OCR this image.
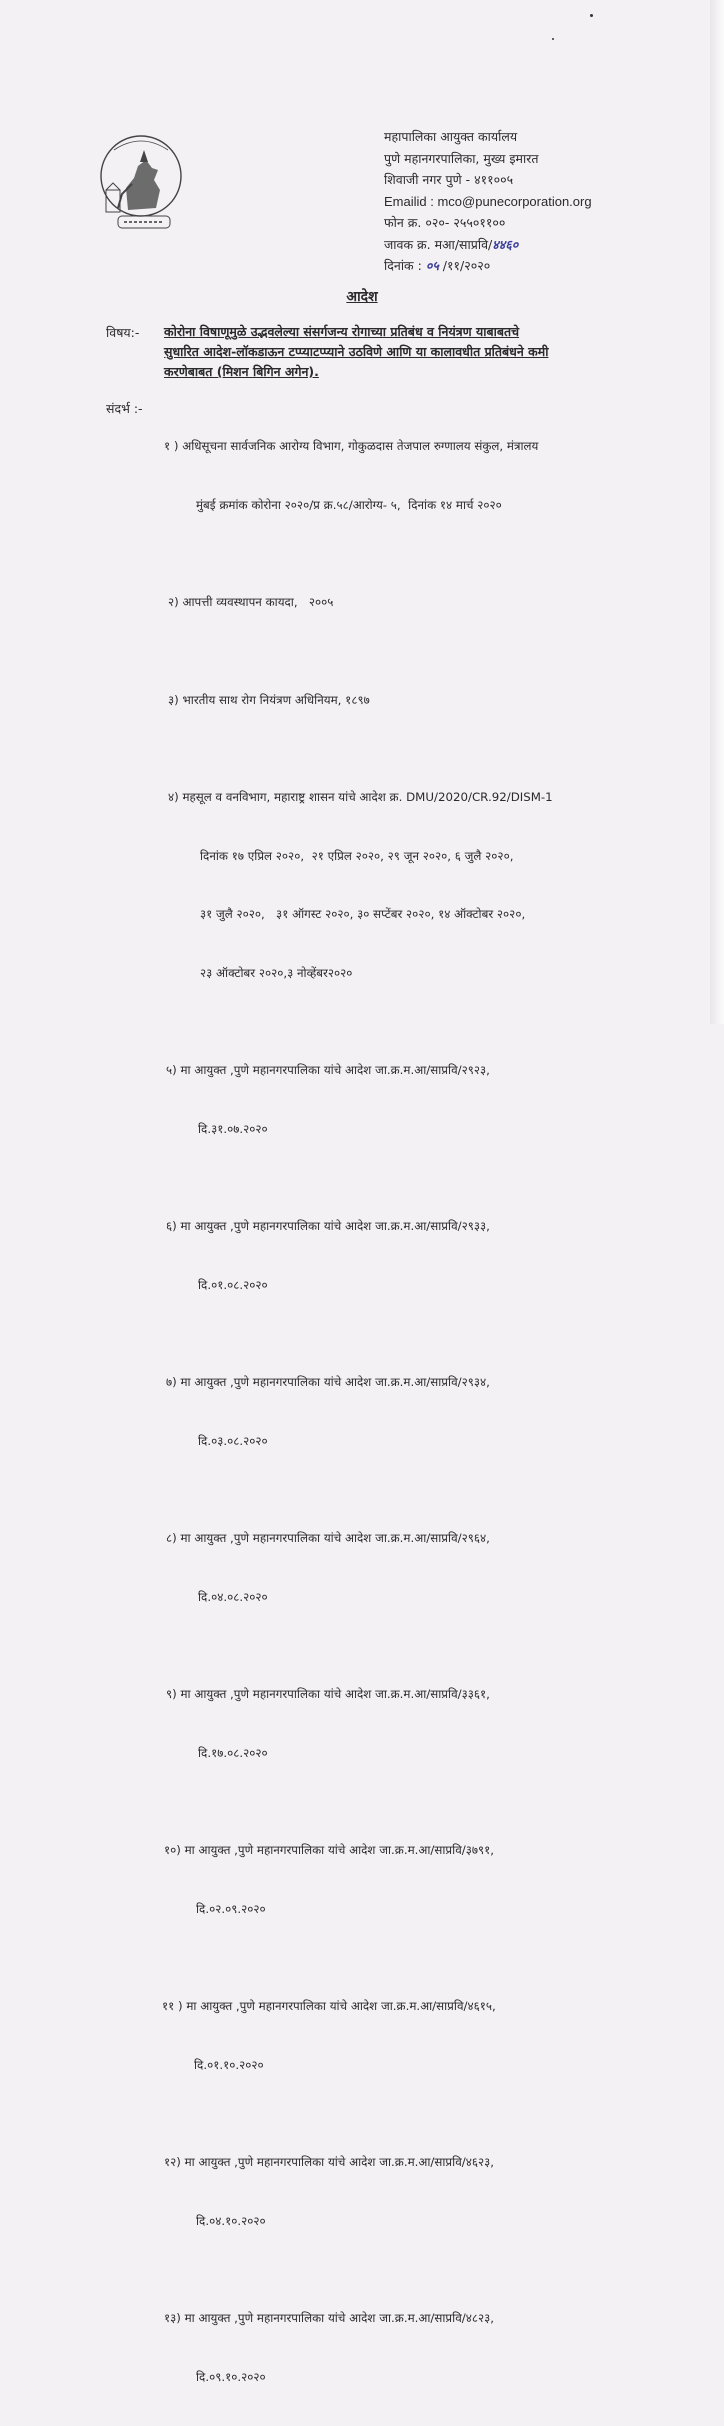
महापालिका आयुक्त कार्यालय
पुणे महानगरपालिका, मुख्य इमारत
शिवाजी नगर पुणे - ४११००५
Emailid : mco@punecorporation.org
फोन क्र. ०२०- २५५०११००
जावक क्र. मआ/साप्रवि/४४६०
दिनांक : ०५ /११/२०२०
आदेश
विषय:- कोरोना विषाणूमुळे उद्भवलेल्या संसर्गजन्य रोगाच्या प्रतिबंध व नियंत्रण याबाबतचे
सुधारित आदेश-लॉकडाऊन टप्प्याटप्प्याने उठविणे आणि या कालावधीत प्रतिबंधने कमी
करणेबाबत (मिशन बिगिन अगेन).
संदर्भ :-

१ ) अधिसूचना सार्वजनिक आरोग्य विभाग, गोकुळदास तेजपाल रुग्णालय संकुल, मंत्रालय

मुंबई क्रमांक कोरोना २०२०/प्र क्र.५८/आरोग्य- ५,  दिनांक १४ मार्च २०२०

२) आपत्ती व्यवस्थापन कायदा,   २००५

३) भारतीय साथ रोग नियंत्रण अधिनियम, १८९७

४) महसूल व वनविभाग, महाराष्ट्र शासन यांचे आदेश क्र. DMU/2020/CR.92/DISM-1

दिनांक १७ एप्रिल २०२०,  २१ एप्रिल २०२०, २९ जून २०२०, ६ जुलै २०२०,

३१ जुलै २०२०,   ३१ ऑगस्ट २०२०, ३० सप्टेंबर २०२०, १४ ऑक्टोबर २०२०,

२३ ऑक्टोबर २०२०,३ नोव्हेंबर२०२०

५) मा आयुक्त ,पुणे महानगरपालिका यांचे आदेश जा.क्र.म.आ/साप्रवि/२९२३,

दि.३१.०७.२०२०

६) मा आयुक्त ,पुणे महानगरपालिका यांचे आदेश जा.क्र.म.आ/साप्रवि/२९३३,

दि.०१.०८.२०२०

७) मा आयुक्त ,पुणे महानगरपालिका यांचे आदेश जा.क्र.म.आ/साप्रवि/२९३४,

दि.०३.०८.२०२०

८) मा आयुक्त ,पुणे महानगरपालिका यांचे आदेश जा.क्र.म.आ/साप्रवि/२९६४,

दि.०४.०८.२०२०

९) मा आयुक्त ,पुणे महानगरपालिका यांचे आदेश जा.क्र.म.आ/साप्रवि/३३६१,

दि.१७.०८.२०२०

१०) मा आयुक्त ,पुणे महानगरपालिका यांचे आदेश जा.क्र.म.आ/साप्रवि/३७९१,

दि.०२.०९.२०२०

११ ) मा आयुक्त ,पुणे महानगरपालिका यांचे आदेश जा.क्र.म.आ/साप्रवि/४६१५,

दि.०१.१०.२०२०

१२) मा आयुक्त ,पुणे महानगरपालिका यांचे आदेश जा.क्र.म.आ/साप्रवि/४६२३,

दि.०४.१०.२०२०

१३) मा आयुक्त ,पुणे महानगरपालिका यांचे आदेश जा.क्र.म.आ/साप्रवि/४८२३,

दि.०९.१०.२०२०
